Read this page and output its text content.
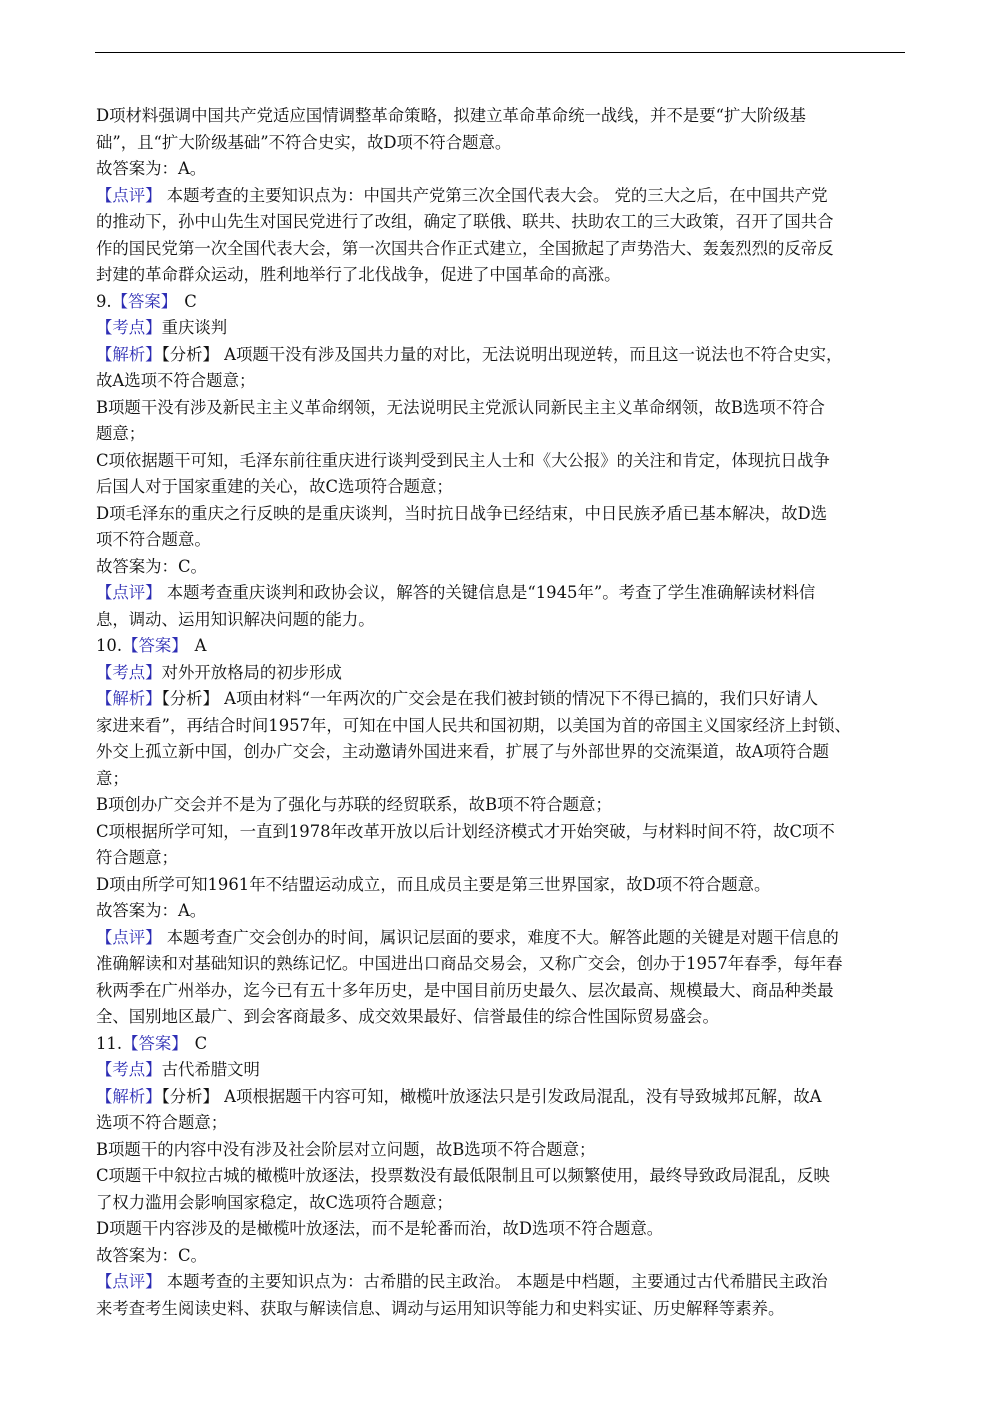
D项材料强调中国共产党适应国情调整革命策略，拟建立革命革命统一战线，并不是要“扩大阶级基
础”，且“扩大阶级基础”不符合史实，故D项不符合题意。
故答案为：A。
【点评】 本题考查的主要知识点为：中国共产党第三次全国代表大会。 党的三大之后，在中国共产党
的推动下，孙中山先生对国民党进行了改组，确定了联俄、联共、扶助农工的三大政策，召开了国共合
作的国民党第一次全国代表大会，第一次国共合作正式建立，全国掀起了声势浩大、轰轰烈烈的反帝反
封建的革命群众运动，胜利地举行了北伐战争，促进了中国革命的高涨。
9.【答案】 C
【考点】重庆谈判
【解析】【分析】 A项题干没有涉及国共力量的对比，无法说明出现逆转，而且这一说法也不符合史实，
故A选项不符合题意；
B项题干没有涉及新民主主义革命纲领，无法说明民主党派认同新民主主义革命纲领，故B选项不符合
题意；
C项依据题干可知，毛泽东前往重庆进行谈判受到民主人士和《大公报》的关注和肯定，体现抗日战争
后国人对于国家重建的关心，故C选项符合题意；
D项毛泽东的重庆之行反映的是重庆谈判，当时抗日战争已经结束，中日民族矛盾已基本解决，故D选
项不符合题意。
故答案为：C。
【点评】 本题考查重庆谈判和政协会议，解答的关键信息是“1945年”。考查了学生准确解读材料信
息，调动、运用知识解决问题的能力。
10.【答案】 A
【考点】对外开放格局的初步形成
【解析】【分析】 A项由材料“一年两次的广交会是在我们被封锁的情况下不得已搞的，我们只好请人
家进来看”，再结合时间1957年，可知在中国人民共和国初期，以美国为首的帝国主义国家经济上封锁、
外交上孤立新中国，创办广交会，主动邀请外国进来看，扩展了与外部世界的交流渠道，故A项符合题
意；
B项创办广交会并不是为了强化与苏联的经贸联系，故B项不符合题意；
C项根据所学可知，一直到1978年改革开放以后计划经济模式才开始突破，与材料时间不符，故C项不
符合题意；
D项由所学可知1961年不结盟运动成立，而且成员主要是第三世界国家，故D项不符合题意。
故答案为：A。
【点评】 本题考查广交会创办的时间，属识记层面的要求，难度不大。解答此题的关键是对题干信息的
准确解读和对基础知识的熟练记忆。中国进出口商品交易会，又称广交会，创办于1957年春季，每年春
秋两季在广州举办，迄今已有五十多年历史，是中国目前历史最久、层次最高、规模最大、商品种类最
全、国别地区最广、到会客商最多、成交效果最好、信誉最佳的综合性国际贸易盛会。
11.【答案】 C
【考点】古代希腊文明
【解析】【分析】 A项根据题干内容可知，橄榄叶放逐法只是引发政局混乱，没有导致城邦瓦解，故A
选项不符合题意；
B项题干的内容中没有涉及社会阶层对立问题，故B选项不符合题意；
C项题干中叙拉古城的橄榄叶放逐法，投票数没有最低限制且可以频繁使用，最终导致政局混乱，反映
了权力滥用会影响国家稳定，故C选项符合题意；
D项题干内容涉及的是橄榄叶放逐法，而不是轮番而治，故D选项不符合题意。
故答案为：C。
【点评】 本题考查的主要知识点为：古希腊的民主政治。 本题是中档题，主要通过古代希腊民主政治
来考查考生阅读史料、获取与解读信息、调动与运用知识等能力和史料实证、历史解释等素养。
